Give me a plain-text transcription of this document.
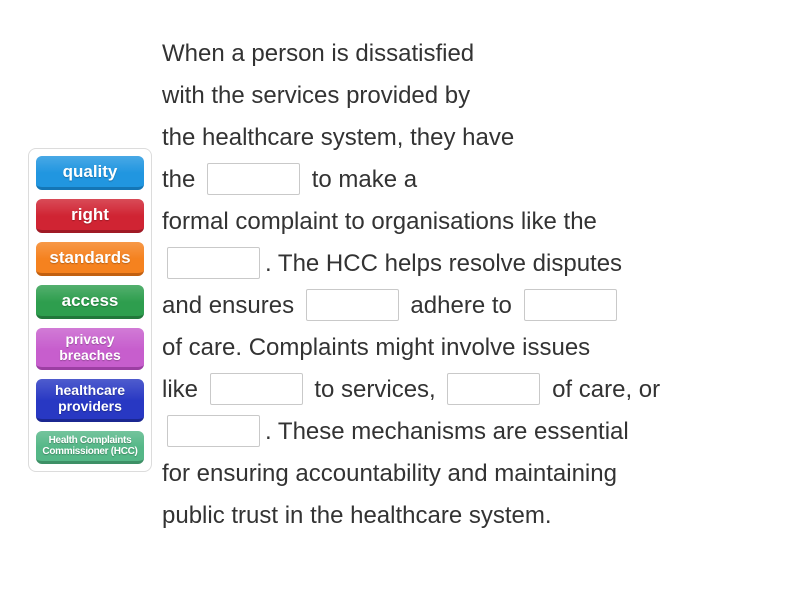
quality
right
standards
access
privacy breaches
healthcare providers
Health Complaints Commissioner (HCC)
When a person is dissatisfied
with the services provided by
the healthcare system, they have
the	to make a
formal complaint to organisations like the
. The HCC helps resolve disputes
and ensures	adhere to
of care. Complaints might involve issues
like	to services,	of care, or
. These mechanisms are essential
for ensuring accountability and maintaining
public trust in the healthcare system.
